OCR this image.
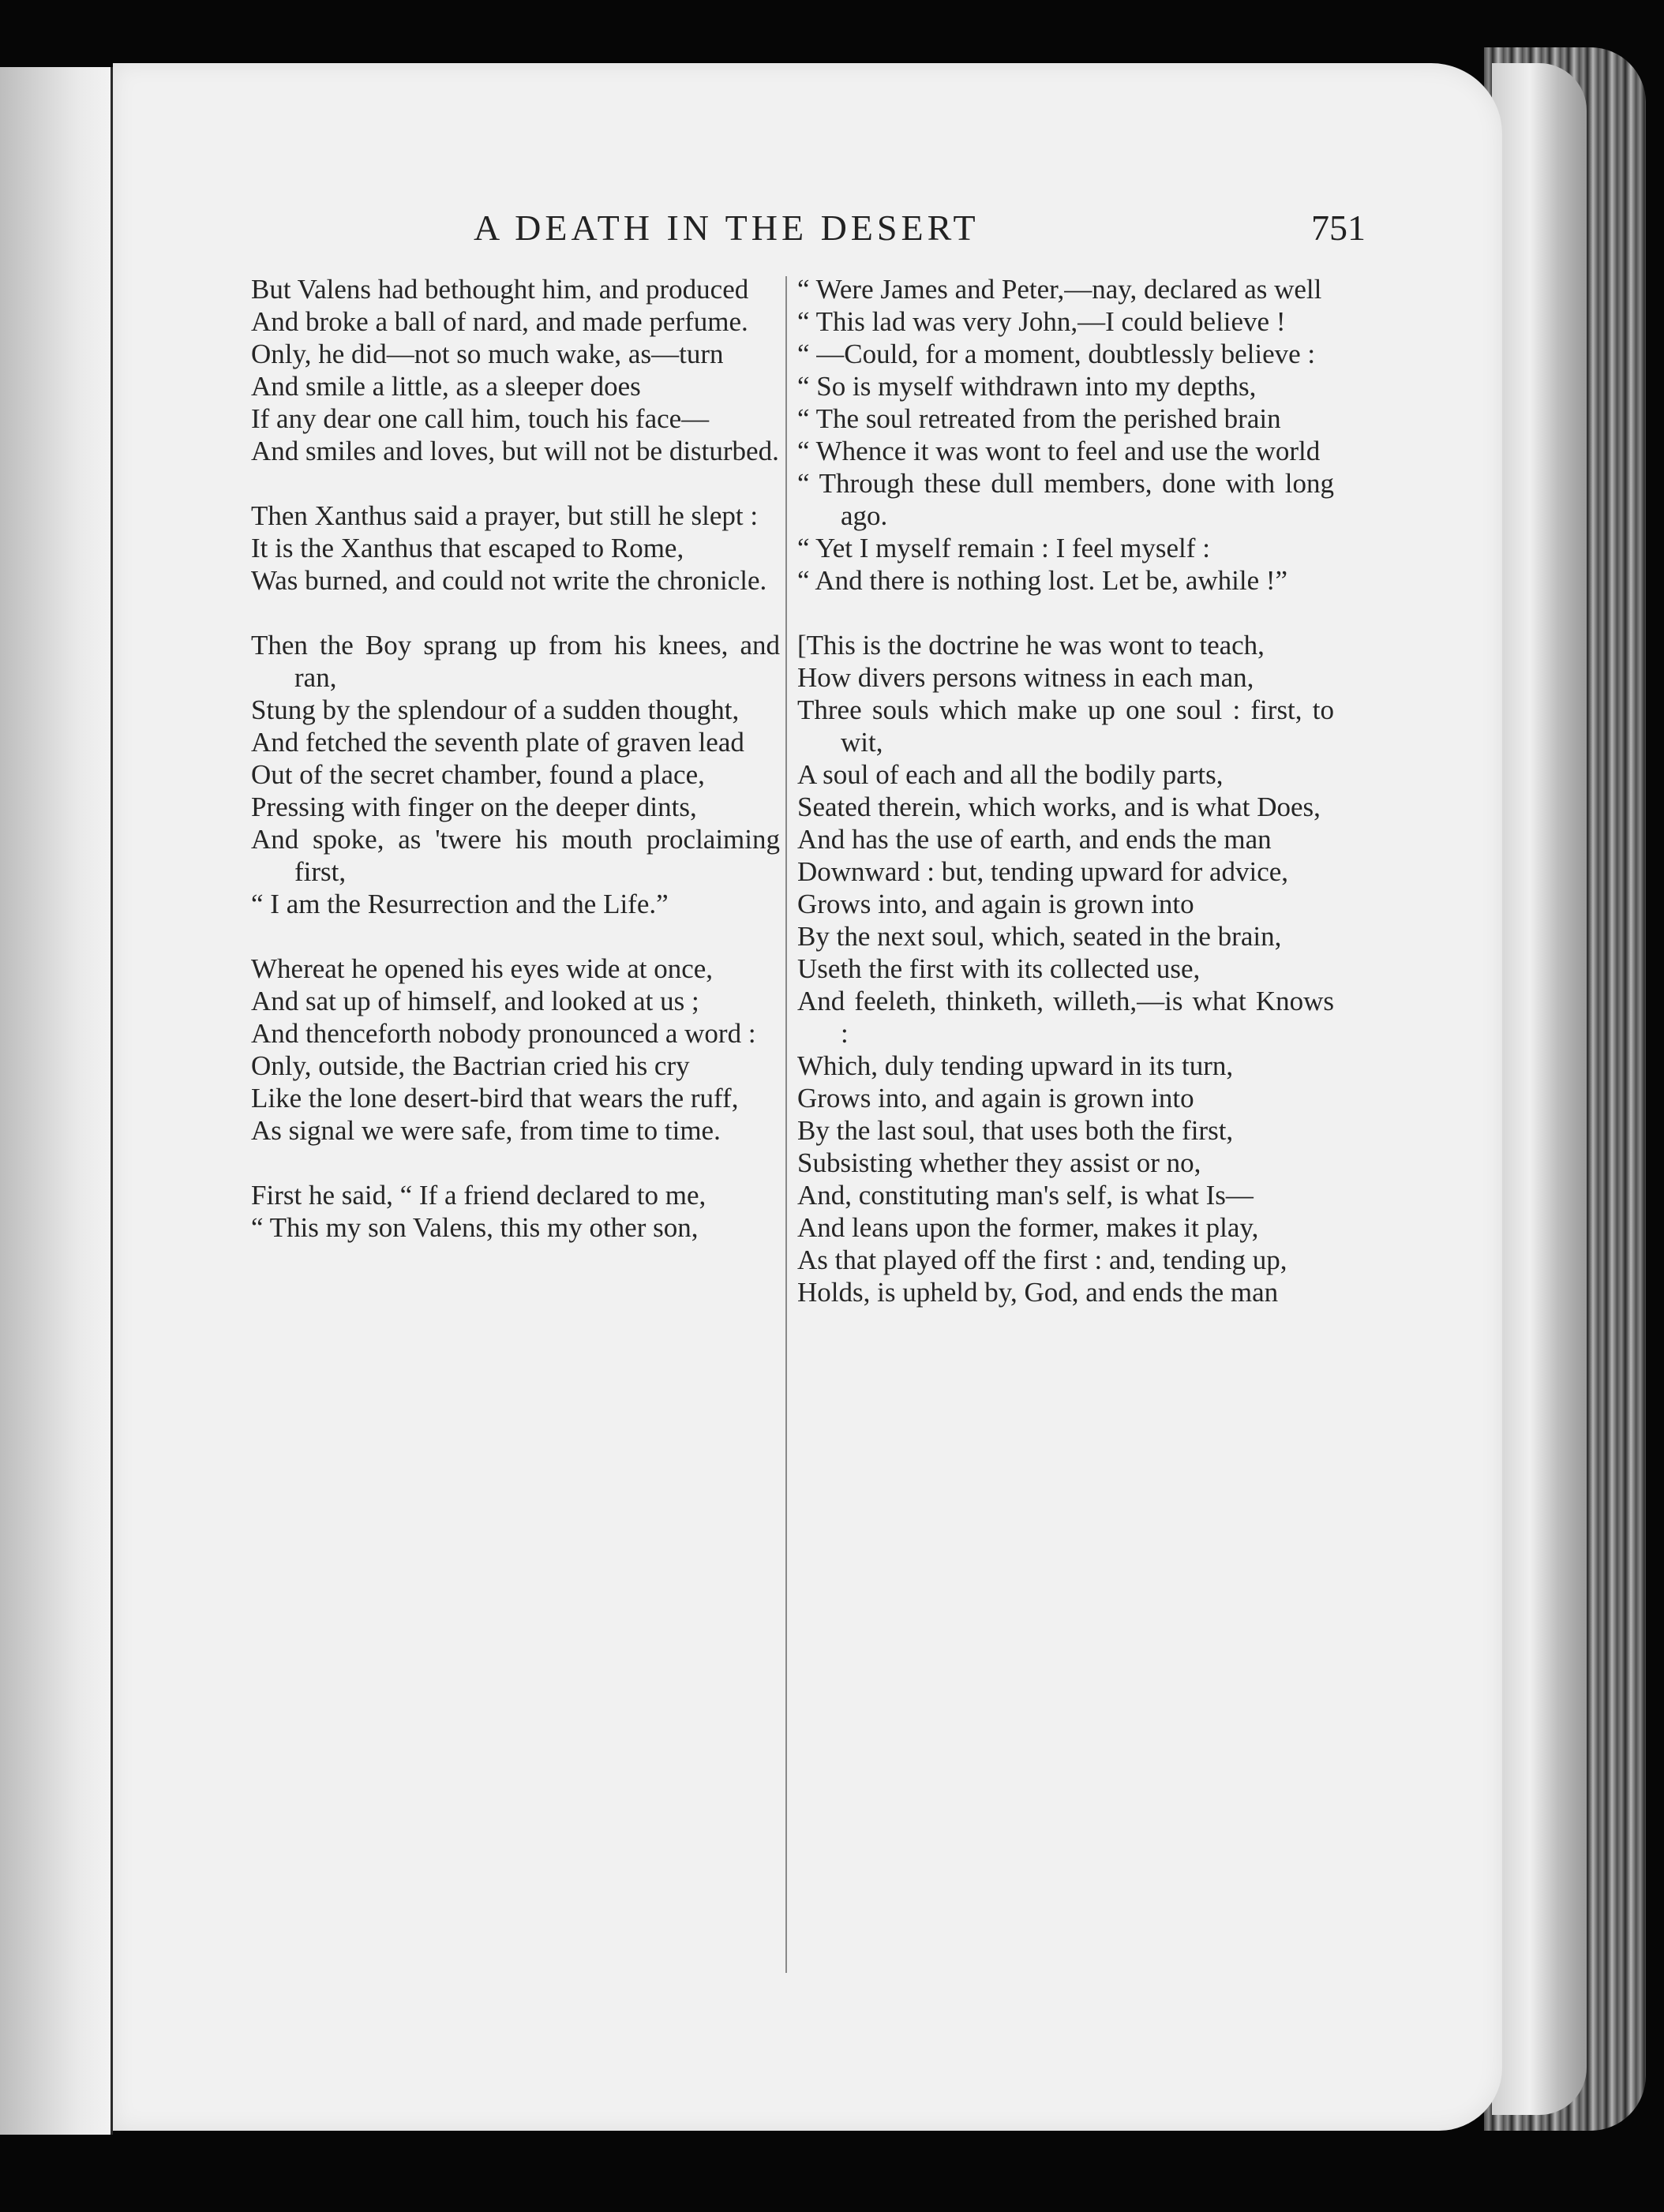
A DEATH IN THE DESERT	751
But Valens had bethought him, and produced
And broke a ball of nard, and made perfume.
Only, he did—not so much wake, as—turn
And smile a little, as a sleeper does
If any dear one call him, touch his face—
And smiles and loves, but will not be disturbed.
Then Xanthus said a prayer, but still he slept :
It is the Xanthus that escaped to Rome,
Was burned, and could not write the chronicle.
Then the Boy sprang up from his knees, and ran,
Stung by the splendour of a sudden thought,
And fetched the seventh plate of graven lead
Out of the secret chamber, found a place,
Pressing with finger on the deeper dints,
And spoke, as 'twere his mouth proclaiming first,
“ I am the Resurrection and the Life.”
Whereat he opened his eyes wide at once,
And sat up of himself, and looked at us ;
And thenceforth nobody pronounced a word :
Only, outside, the Bactrian cried his cry
Like the lone desert-bird that wears the ruff,
As signal we were safe, from time to time.
First he said, “ If a friend declared to me,
“ This my son Valens, this my other son,
“ Were James and Peter,—nay, declared as well
“ This lad was very John,—I could believe !
“ —Could, for a moment, doubtlessly believe :
“ So is myself withdrawn into my depths,
“ The soul retreated from the perished brain
“ Whence it was wont to feel and use the world
“ Through these dull members, done with long ago.
“ Yet I myself remain : I feel myself :
“ And there is nothing lost. Let be, awhile !”
[This is the doctrine he was wont to teach,
How divers persons witness in each man,
Three souls which make up one soul : first, to wit,
A soul of each and all the bodily parts,
Seated therein, which works, and is what Does,
And has the use of earth, and ends the man
Downward : but, tending upward for advice,
Grows into, and again is grown into
By the next soul, which, seated in the brain,
Useth the first with its collected use,
And feeleth, thinketh, willeth,—is what Knows :
Which, duly tending upward in its turn,
Grows into, and again is grown into
By the last soul, that uses both the first,
Subsisting whether they assist or no,
And, constituting man's self, is what Is—
And leans upon the former, makes it play,
As that played off the first : and, tending up,
Holds, is upheld by, God, and ends the man
